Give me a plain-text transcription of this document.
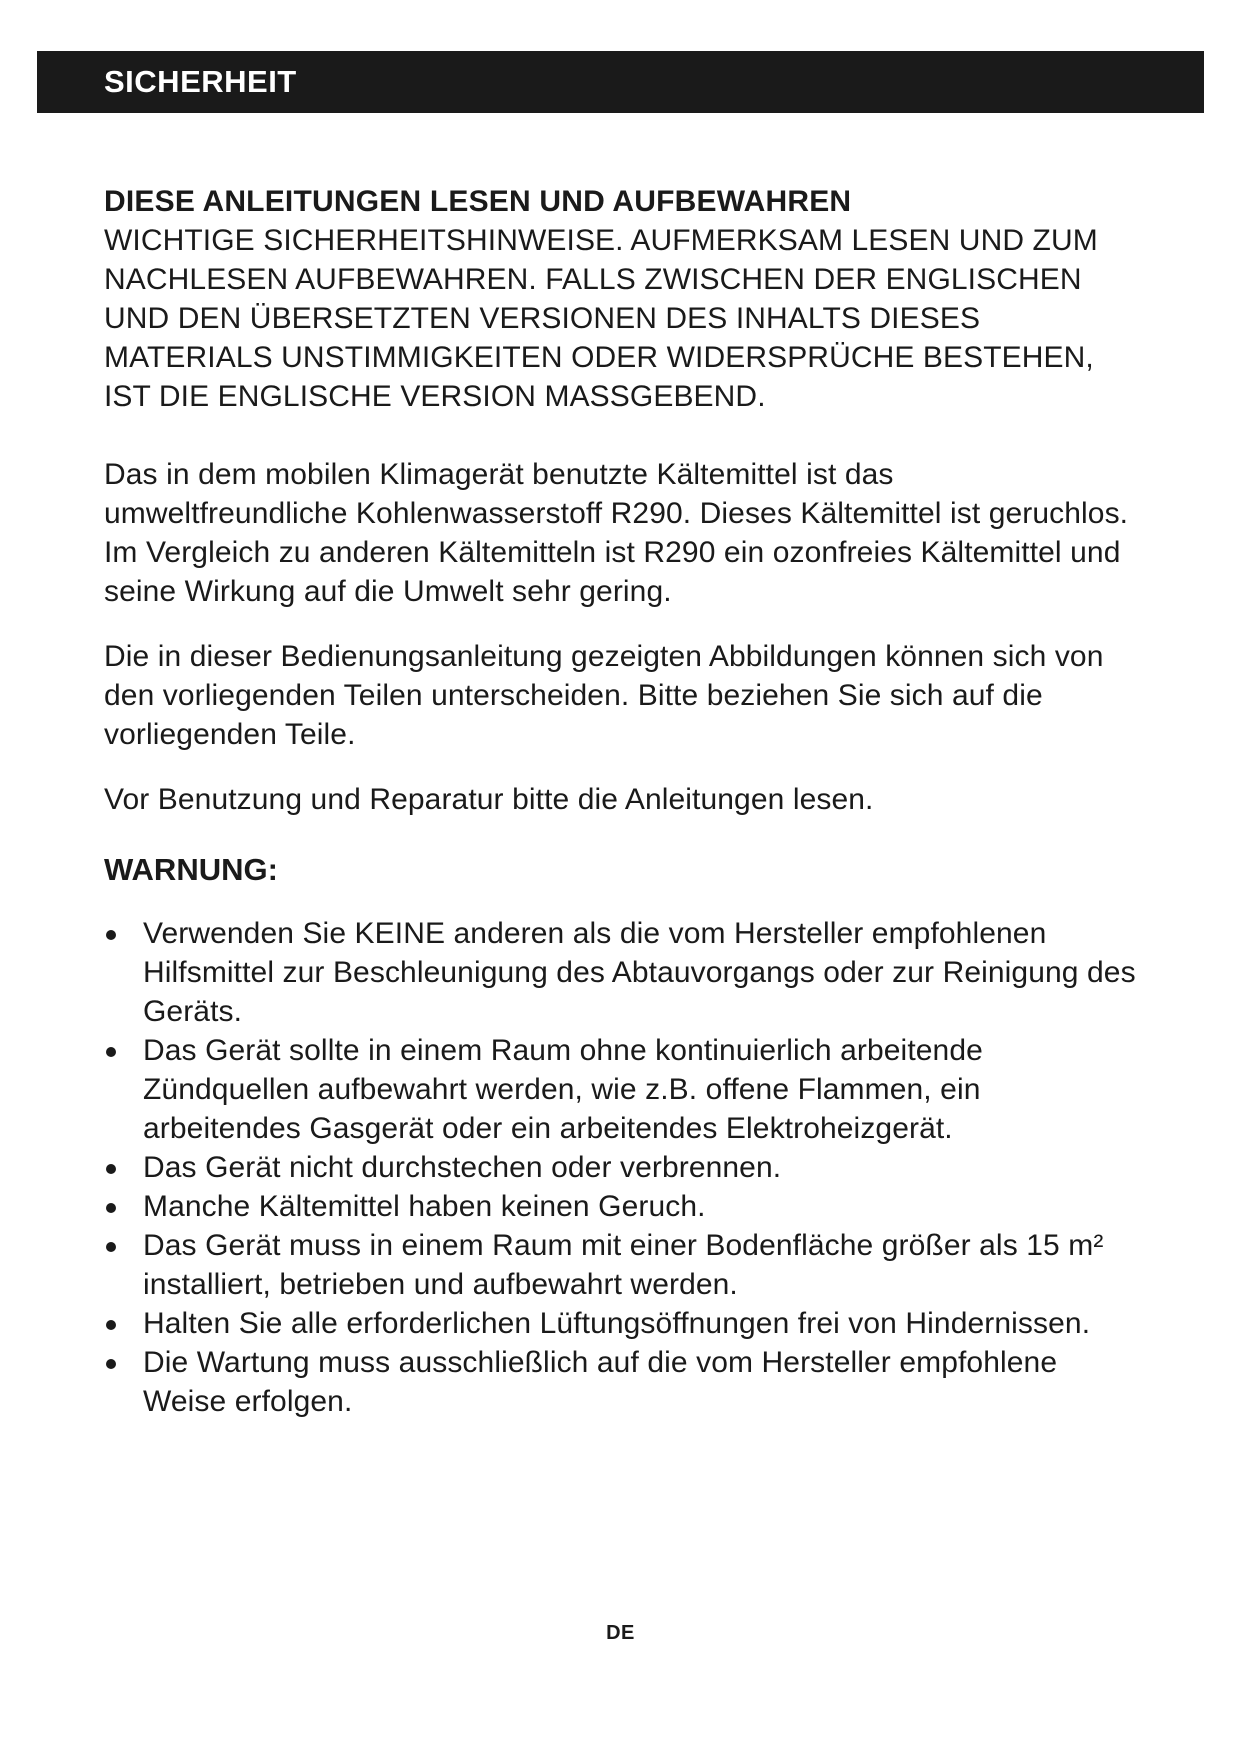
SICHERHEIT

DIESE ANLEITUNGEN LESEN UND AUFBEWAHREN

WICHTIGE SICHERHEITSHINWEISE. AUFMERKSAM LESEN UND ZUM NACHLESEN AUFBEWAHREN. FALLS ZWISCHEN DER ENGLISCHEN UND DEN ÜBERSETZTEN VERSIONEN DES INHALTS DIESES MATERIALS UNSTIMMIGKEITEN ODER WIDERSPRÜCHE BESTEHEN, IST DIE ENGLISCHE VERSION MASSGEBEND.

Das in dem mobilen Klimagerät benutzte Kältemittel ist das umweltfreundliche Kohlenwasserstoff R290. Dieses Kältemittel ist geruchlos. Im Vergleich zu anderen Kältemitteln ist R290 ein ozonfreies Kältemittel und seine Wirkung auf die Umwelt sehr gering.

Die in dieser Bedienungsanleitung gezeigten Abbildungen können sich von den vorliegenden Teilen unterscheiden. Bitte beziehen Sie sich auf die vorliegenden Teile.

Vor Benutzung und Reparatur bitte die Anleitungen lesen.

WARNUNG:
Verwenden Sie KEINE anderen als die vom Hersteller empfohlenen Hilfsmittel zur Beschleunigung des Abtauvorgangs oder zur Reinigung des Geräts.
Das Gerät sollte in einem Raum ohne kontinuierlich arbeitende Zündquellen aufbewahrt werden, wie z.B. offene Flammen, ein arbeitendes Gasgerät oder ein arbeitendes Elektroheizgerät.
Das Gerät nicht durchstechen oder verbrennen.
Manche Kältemittel haben keinen Geruch.
Das Gerät muss in einem Raum mit einer Bodenfläche größer als 15 m² installiert, betrieben und aufbewahrt werden.
Halten Sie alle erforderlichen Lüftungsöffnungen frei von Hindernissen.
Die Wartung muss ausschließlich auf die vom Hersteller empfohlene Weise erfolgen.
DE
